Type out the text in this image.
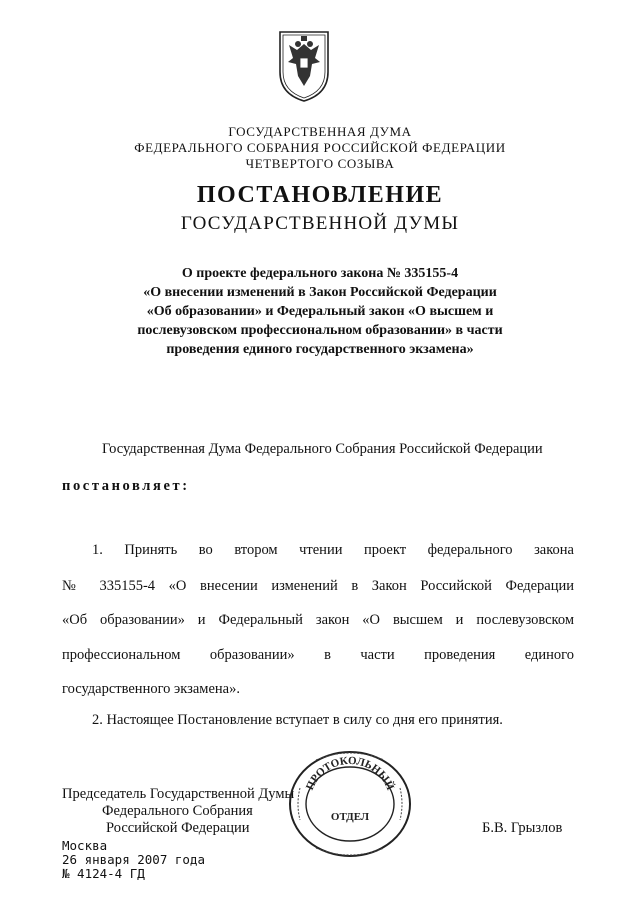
ГОСУДАРСТВЕННАЯ ДУМА
ФЕДЕРАЛЬНОГО СОБРАНИЯ РОССИЙСКОЙ ФЕДЕРАЦИИ
ЧЕТВЕРТОГО СОЗЫВА
ПОСТАНОВЛЕНИЕ
ГОСУДАРСТВЕННОЙ ДУМЫ
О проекте федерального закона № 335155-4
«О внесении изменений в Закон Российской Федерации
«Об образовании» и Федеральный закон «О высшем и
послевузовском профессиональном образовании» в части
проведения единого государственного экзамена»
Государственная Дума Федерального Собрания Российской Федерации
постановляет:
1. Принять во втором чтении проект федерального закона
№ 335155-4 «О внесении изменений в Закон Российской Федерации
«Об образовании» и Федеральный закон «О высшем и послевузовском
профессиональном образовании» в части проведения единого
государственного экзамена».
2. Настоящее Постановление вступает в силу со дня его принятия.
Председатель Государственной Думы
Федерального Собрания
Российской Федерации	Б.В. Грызлов
ПРОТОКОЛЬНЫЙ
ОТДЕЛ
Москва
26 января 2007 года
№ 4124-4 ГД
